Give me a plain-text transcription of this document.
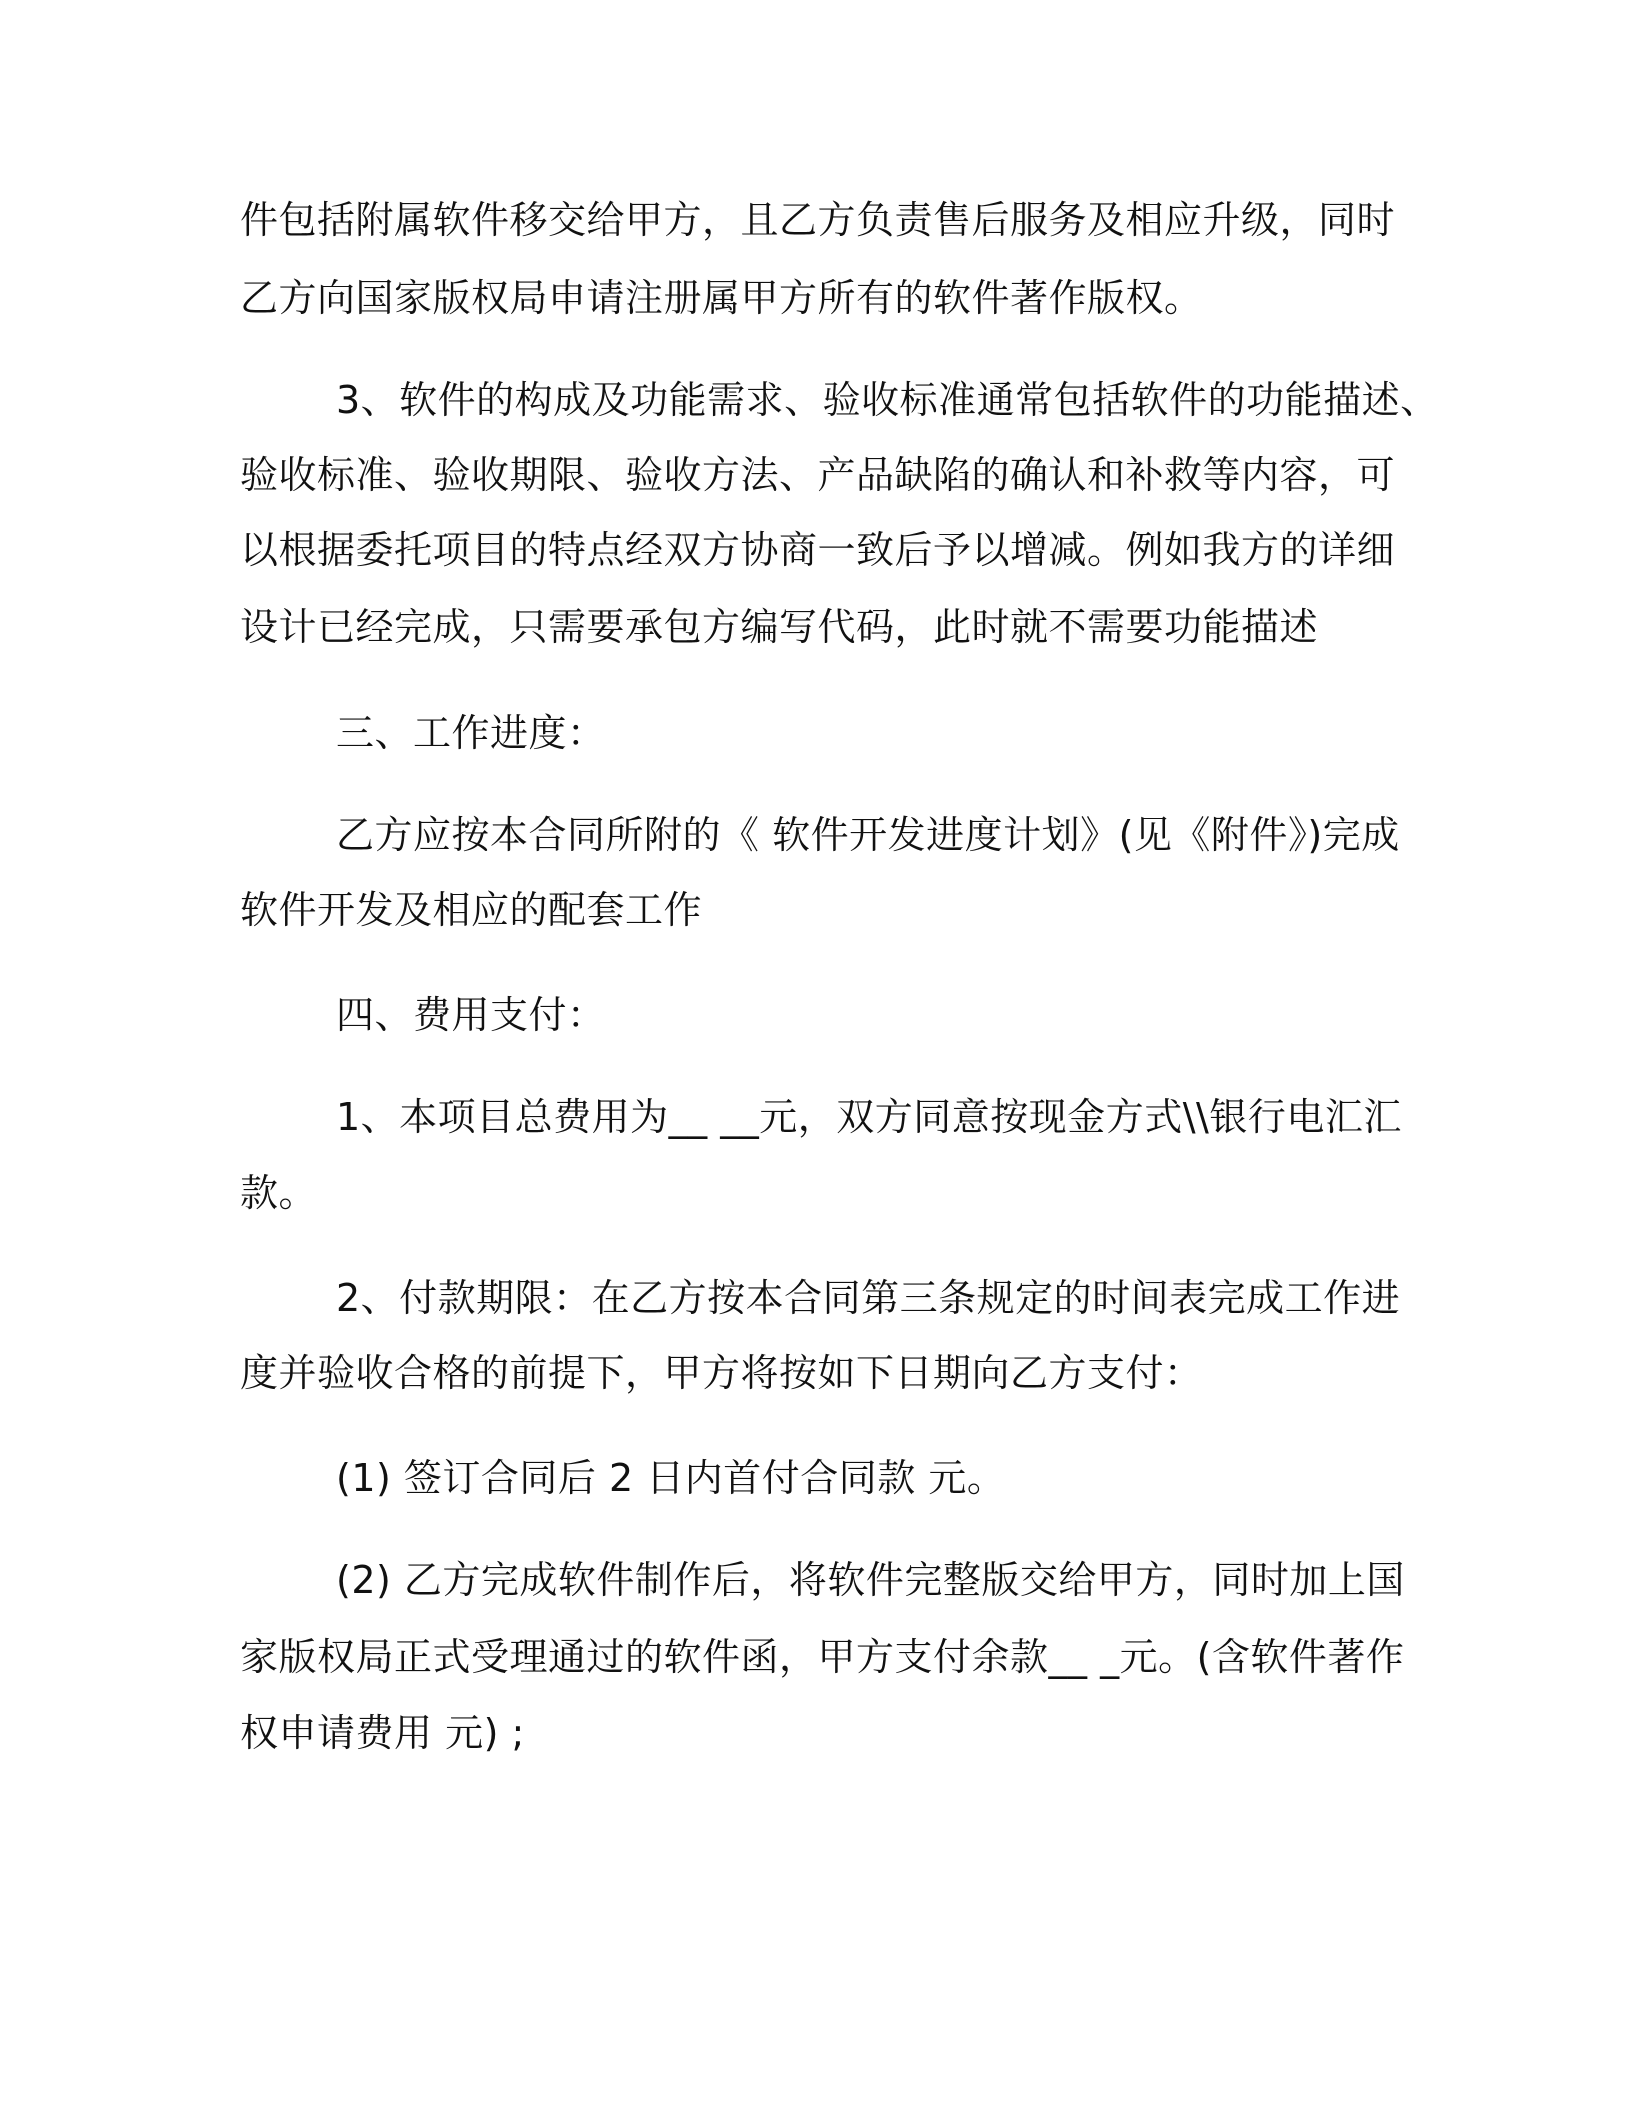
件包括附属软件移交给甲方，且乙方负责售后服务及相应升级，同时
乙方向国家版权局申请注册属甲方所有的软件著作版权。
3、软件的构成及功能需求、验收标准通常包括软件的功能描述、
验收标准、验收期限、验收方法、产品缺陷的确认和补救等内容，可
以根据委托项目的特点经双方协商一致后予以增减。例如我方的详细
设计已经完成，只需要承包方编写代码，此时就不需要功能描述
三、工作进度：
乙方应按本合同所附的《 软件开发进度计划》(见《附件》)完成
软件开发及相应的配套工作
四、费用支付：
1、本项目总费用为__ __元，双方同意按现金方式\\银行电汇汇
款。
2、付款期限：在乙方按本合同第三条规定的时间表完成工作进
度并验收合格的前提下，甲方将按如下日期向乙方支付：
(1) 签订合同后 2 日内首付合同款 元。
(2) 乙方完成软件制作后，将软件完整版交给甲方，同时加上国
家版权局正式受理通过的软件函，甲方支付余款__ _元。(含软件著作
权申请费用 元) ;
